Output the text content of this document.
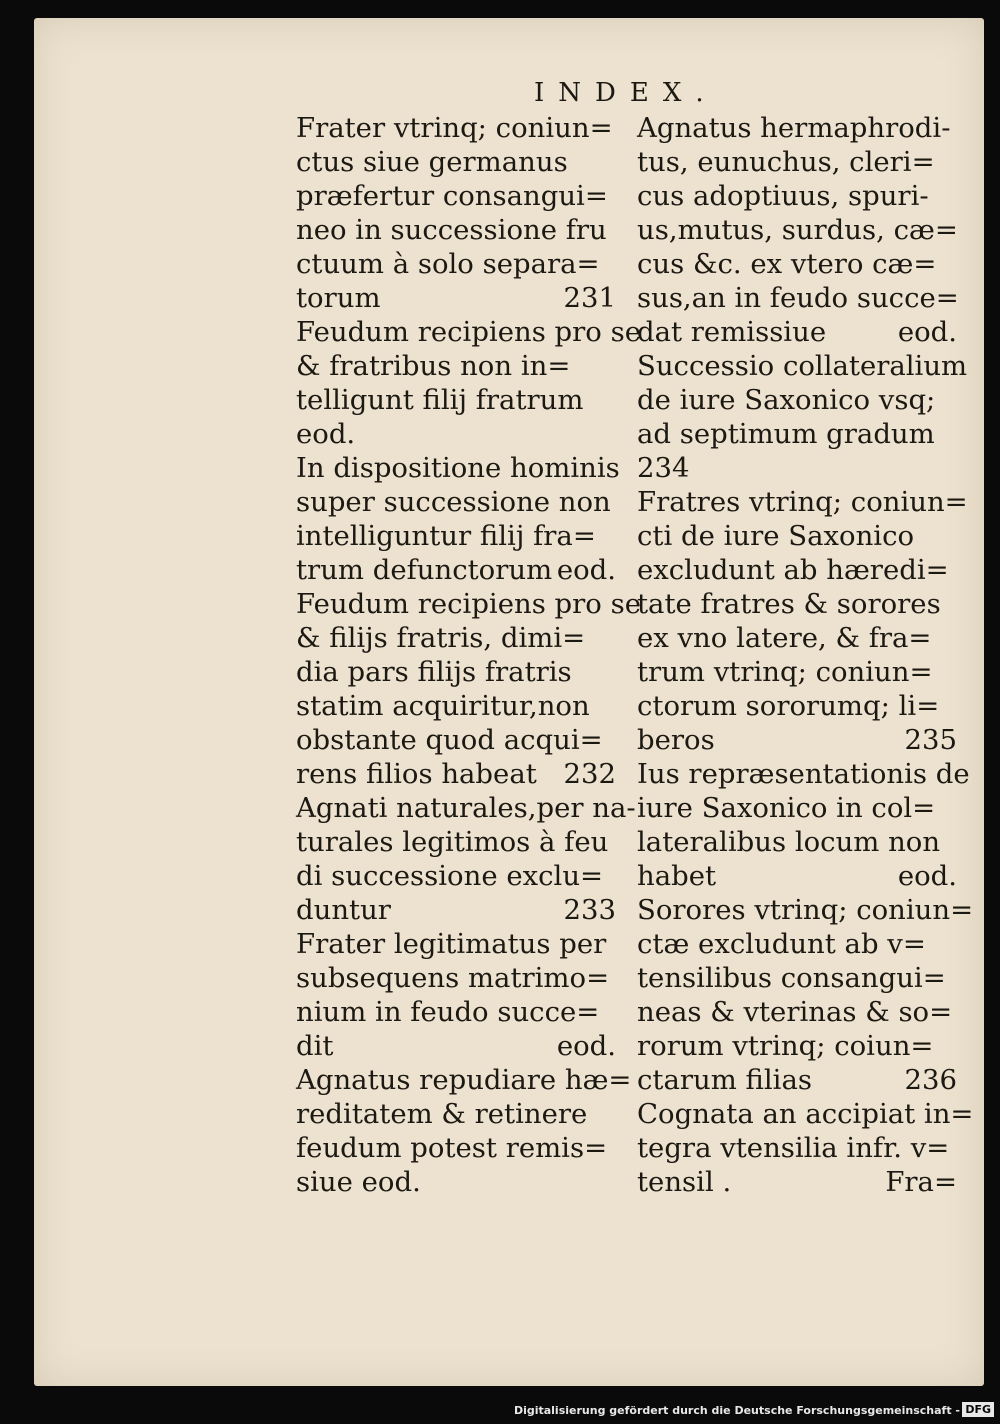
INDEX.
Frater vtrinq; coniun=
ctus siue germanus
præfertur consangui=
neo in successione fru
ctuum à solo separa=
torum	231
Feudum recipiens pro se
& fratribus non in=
telligunt filij fratrum
eod.
In dispositione hominis
super successione non
intelliguntur filij fra=
trum defunctorum eod.
Feudum recipiens pro se
& filijs fratris, dimi=
dia pars filijs fratris
statim acquiritur,non
obstante quod acqui=
rens filios habeat 232
Agnati naturales,per na-
turales legitimos à feu
di successione exclu=
duntur	233
Frater legitimatus per
subsequens matrimo=
nium in feudo succe=
dit	eod.
Agnatus repudiare hæ=
reditatem & retinere
feudum potest remis=
siue eod.
Agnatus hermaphrodi-
tus, eunuchus, cleri=
cus adoptiuus, spuri-
us,mutus, surdus, cæ=
cus &c. ex vtero cæ=
sus,an in feudo succe=
dat remissiue	eod.
Successio collateralium
de iure Saxonico vsq;
ad septimum gradum
234
Fratres vtrinq; coniun=
cti de iure Saxonico
excludunt ab hæredi=
tate fratres & sorores
ex vno latere, & fra=
trum vtrinq; coniun=
ctorum sororumq; li=
beros	235
Ius repræsentationis de
iure Saxonico in col=
lateralibus locum non
habet	eod.
Sorores vtrinq; coniun=
ctæ excludunt ab v=
tensilibus consangui=
neas & vterinas & so=
rorum vtrinq; coiun=
ctarum filias	236
Cognata an accipiat in=
tegra vtensilia infr. v=
tensil .	Fra=
Digitalisierung gefördert durch die Deutsche Forschungsgemeinschaft - DFG
